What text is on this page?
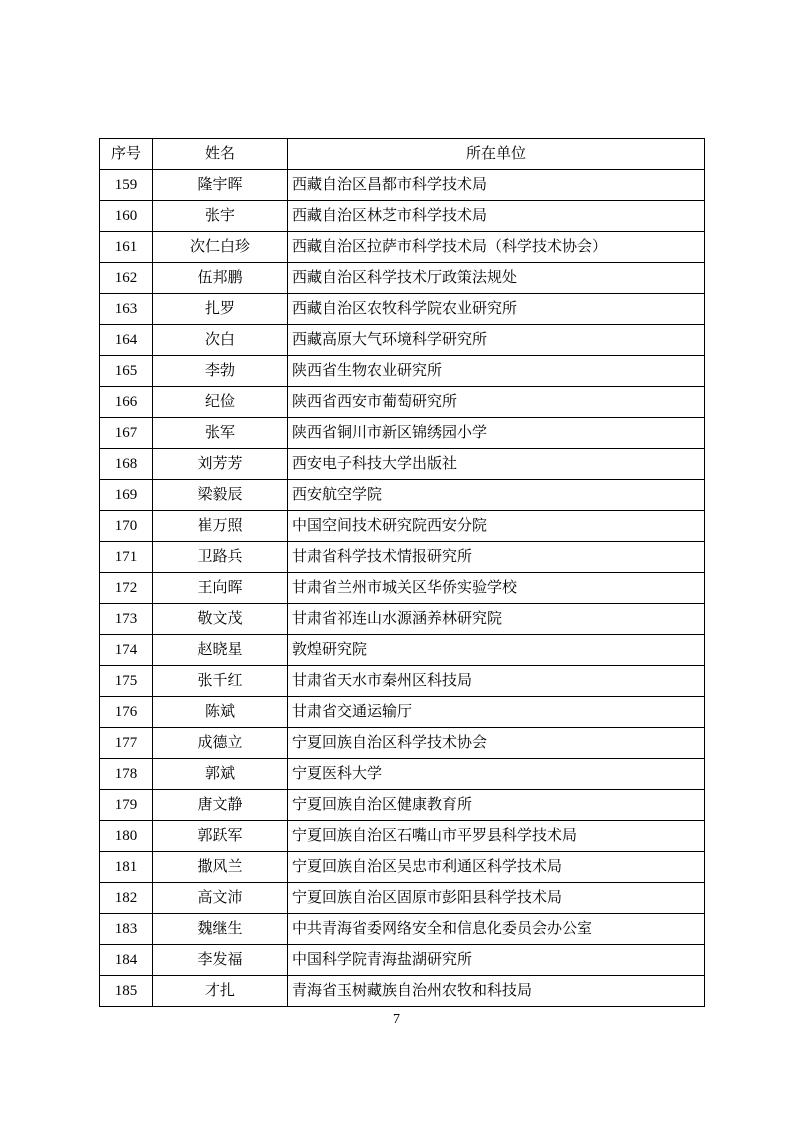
序号	姓名	所在单位
159	隆宇晖	西藏自治区昌都市科学技术局
160	张宇	西藏自治区林芝市科学技术局
161	次仁白珍	西藏自治区拉萨市科学技术局（科学技术协会）
162	伍邦鹏	西藏自治区科学技术厅政策法规处
163	扎罗	西藏自治区农牧科学院农业研究所
164	次白	西藏高原大气环境科学研究所
165	李勃	陕西省生物农业研究所
166	纪俭	陕西省西安市葡萄研究所
167	张军	陕西省铜川市新区锦绣园小学
168	刘芳芳	西安电子科技大学出版社
169	梁毅辰	西安航空学院
170	崔万照	中国空间技术研究院西安分院
171	卫路兵	甘肃省科学技术情报研究所
172	王向晖	甘肃省兰州市城关区华侨实验学校
173	敬文茂	甘肃省祁连山水源涵养林研究院
174	赵晓星	敦煌研究院
175	张千红	甘肃省天水市秦州区科技局
176	陈斌	甘肃省交通运输厅
177	成德立	宁夏回族自治区科学技术协会
178	郭斌	宁夏医科大学
179	唐文静	宁夏回族自治区健康教育所
180	郭跃军	宁夏回族自治区石嘴山市平罗县科学技术局
181	撒风兰	宁夏回族自治区吴忠市利通区科学技术局
182	高文沛	宁夏回族自治区固原市彭阳县科学技术局
183	魏继生	中共青海省委网络安全和信息化委员会办公室
184	李发福	中国科学院青海盐湖研究所
185	才扎	青海省玉树藏族自治州农牧和科技局
7
